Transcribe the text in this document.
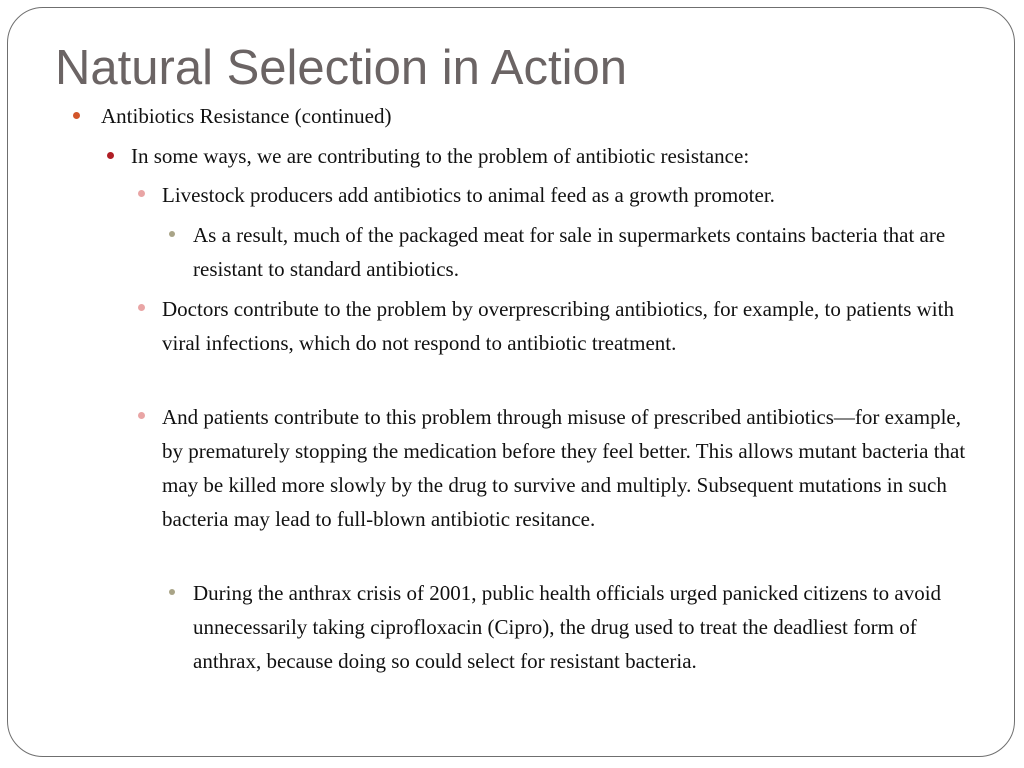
Natural Selection in Action
Antibiotics Resistance (continued)
In some ways, we are contributing to the problem of antibiotic resistance:
Livestock producers add antibiotics to animal feed as a growth promoter.
As a result, much of the packaged meat for sale in supermarkets contains bacteria that are resistant to standard antibiotics.
Doctors contribute to the problem by overprescribing antibiotics, for example, to patients with viral infections, which do not respond to antibiotic treatment.
And patients contribute to this problem through misuse of prescribed antibiotics—for example, by prematurely stopping the medication before they feel better. This allows mutant bacteria that may be killed more slowly by the drug to survive and multiply. Subsequent mutations in such bacteria may lead to full-blown antibiotic resitance.
During the anthrax crisis of 2001, public health officials urged panicked citizens to avoid unnecessarily taking ciprofloxacin (Cipro), the drug used to treat the deadliest form of anthrax, because doing so could select for resistant bacteria.
